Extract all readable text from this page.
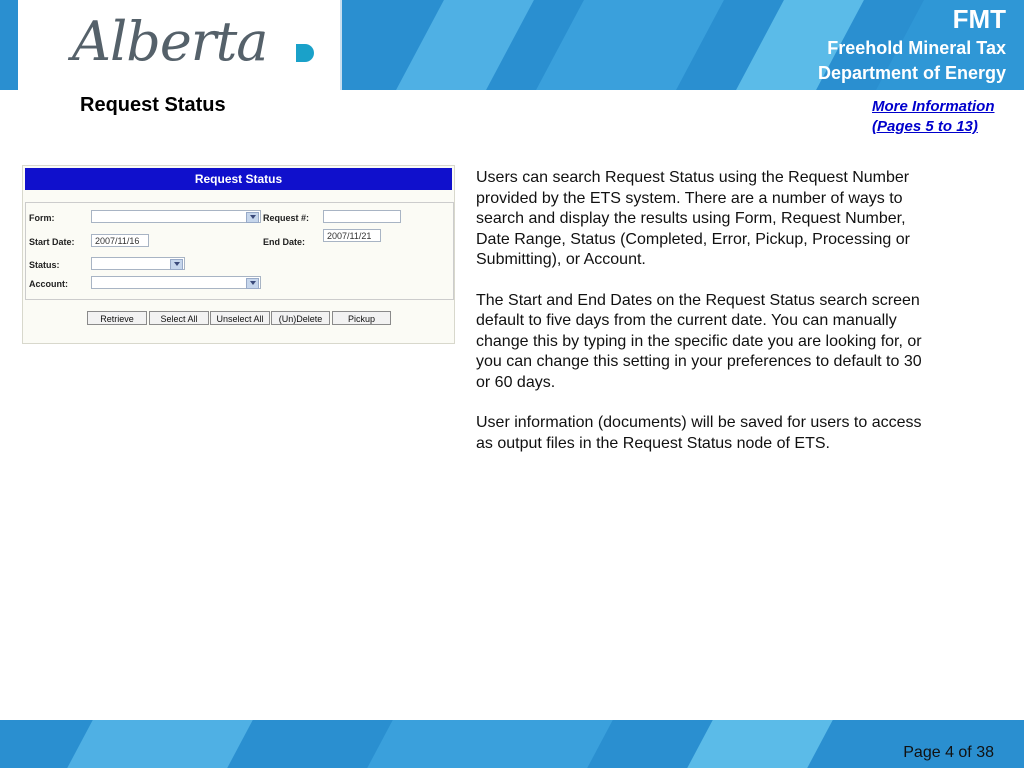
Alberta	FMT
Freehold Mineral Tax
Department of Energy
Request Status	More Information
(Pages 5 to 13)
Request Status
Form:	Request #:
Start Date:	2007/11/16	End Date:
2007/11/21
Status:
Account:
Retrieve	Select All	Unselect All	(Un)Delete	Pickup

Users can search Request Status using the Request Number provided by the ETS system. There are a number of ways to search and display the results using Form, Request Number, Date Range, Status (Completed, Error, Pickup, Processing or Submitting), or Account.

The Start and End Dates on the Request Status search screen default to five days from the current date. You can manually change this by typing in the specific date you are looking for, or you can change this setting in your preferences to default to 30 or 60 days.

User information (documents) will be saved for users to access as output files in the Request Status node of ETS.

Page 4 of 38
